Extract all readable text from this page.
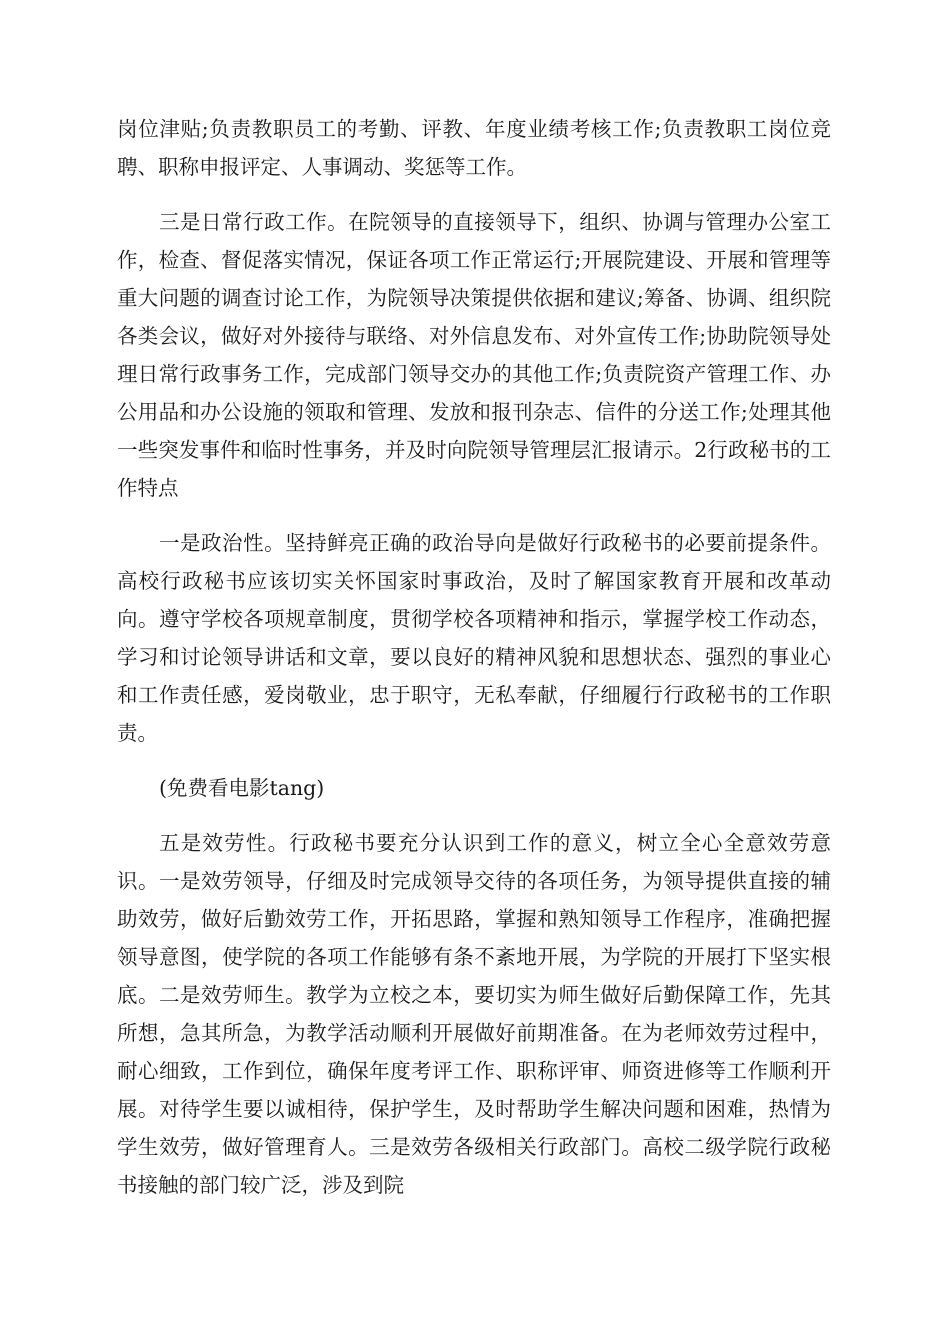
岗位津贴;负责教职员工的考勤、评教、年度业绩考核工作;负责教职工岗位竞聘、职称申报评定、人事调动、奖惩等工作。

三是日常行政工作。在院领导的直接领导下，组织、协调与管理办公室工作，检查、督促落实情况，保证各项工作正常运行;开展院建设、开展和管理等重大问题的调查讨论工作，为院领导决策提供依据和建议;筹备、协调、组织院各类会议，做好对外接待与联络、对外信息发布、对外宣传工作;协助院领导处理日常行政事务工作，完成部门领导交办的其他工作;负责院资产管理工作、办公用品和办公设施的领取和管理、发放和报刊杂志、信件的分送工作;处理其他一些突发事件和临时性事务，并及时向院领导管理层汇报请示。2行政秘书的工作特点

一是政治性。坚持鲜亮正确的政治导向是做好行政秘书的必要前提条件。高校行政秘书应该切实关怀国家时事政治，及时了解国家教育开展和改革动向。遵守学校各项规章制度，贯彻学校各项精神和指示，掌握学校工作动态，学习和讨论领导讲话和文章，要以良好的精神风貌和思想状态、强烈的事业心和工作责任感，爱岗敬业，忠于职守，无私奉献，仔细履行行政秘书的工作职责。

(免费看电影tang)

五是效劳性。行政秘书要充分认识到工作的意义，树立全心全意效劳意识。一是效劳领导，仔细及时完成领导交待的各项任务，为领导提供直接的辅助效劳，做好后勤效劳工作，开拓思路，掌握和熟知领导工作程序，准确把握领导意图，使学院的各项工作能够有条不紊地开展，为学院的开展打下坚实根底。二是效劳师生。教学为立校之本，要切实为师生做好后勤保障工作，先其所想，急其所急，为教学活动顺利开展做好前期准备。在为老师效劳过程中，耐心细致，工作到位，确保年度考评工作、职称评审、师资进修等工作顺利开展。对待学生要以诚相待，保护学生，及时帮助学生解决问题和困难，热情为学生效劳，做好管理育人。三是效劳各级相关行政部门。高校二级学院行政秘书接触的部门较广泛，涉及到院
